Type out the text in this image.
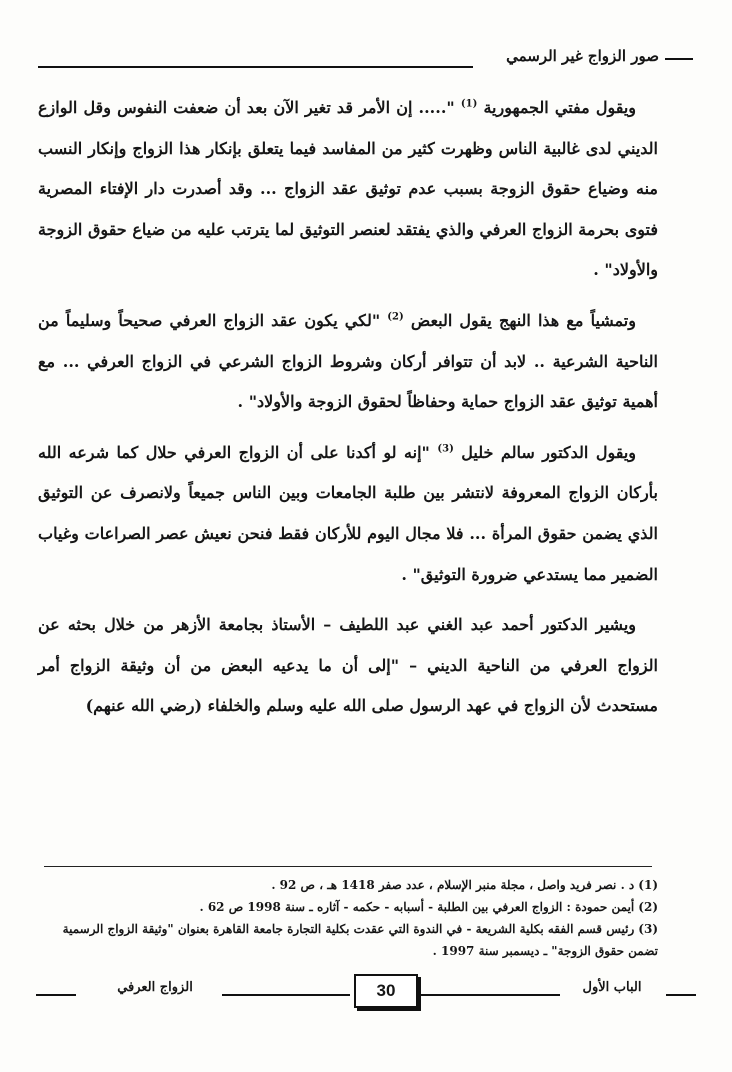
صور الزواج غير الرسمي

ويقول مفتي الجمهورية $^{(1)}$ "..... إن الأمر قد تغير الآن بعد أن ضعفت النفوس وقل الوازع الديني لدى غالبية الناس وظهرت كثير من المفاسد فيما يتعلق بإنكار هذا الزواج وإنكار النسب منه وضياع حقوق الزوجة بسبب عدم توثيق عقد الزواج ... وقد أصدرت دار الإفتاء المصرية فتوى بحرمة الزواج العرفي والذي يفتقد لعنصر التوثيق لما يترتب عليه من ضياع حقوق الزوجة والأولاد" .

وتمشياً مع هذا النهج يقول البعض $^{(2)}$ "لكي يكون عقد الزواج العرفي صحيحاً وسليماً من الناحية الشرعية .. لابد أن تتوافر أركان وشروط الزواج الشرعي في الزواج العرفي ... مع أهمية توثيق عقد الزواج حماية وحفاظاً لحقوق الزوجة والأولاد" .

ويقول الدكتور سالم خليل $^{(3)}$ "إنه لو أكدنا على أن الزواج العرفي حلال كما شرعه الله بأركان الزواج المعروفة لانتشر بين طلبة الجامعات وبين الناس جميعاً ولانصرف عن التوثيق الذي يضمن حقوق المرأة ... فلا مجال اليوم للأركان فقط فنحن نعيش عصر الصراعات وغياب الضمير مما يستدعي ضرورة التوثيق" .

ويشير الدكتور أحمد عبد الغني عبد اللطيف – الأستاذ بجامعة الأزهر من خلال بحثه عن الزواج العرفي من الناحية الديني – "إلى أن ما يدعيه البعض من أن وثيقة الزواج أمر مستحدث لأن الزواج في عهد الرسول صلى الله عليه وسلم والخلفاء (رضي الله عنهم)

(1)د . نصر فريد واصل ، مجلة منبر الإسلام ، عدد صفر 1418 هـ ، ص 92 .

(2)أيمن حمودة : الزواج العرفي بين الطلبة - أسبابه - حكمه - آثاره ـ سنة 1998 ص 62 .

(3)رئيس قسم الفقه بكلية الشريعة - في الندوة التي عقدت بكلية التجارة جامعة القاهرة بعنوان "وثيقة الزواج الرسمية تضمن حقوق الزوجة" ـ ديسمبر سنة 1997 .

الزواج العرفي	30	الباب الأول
